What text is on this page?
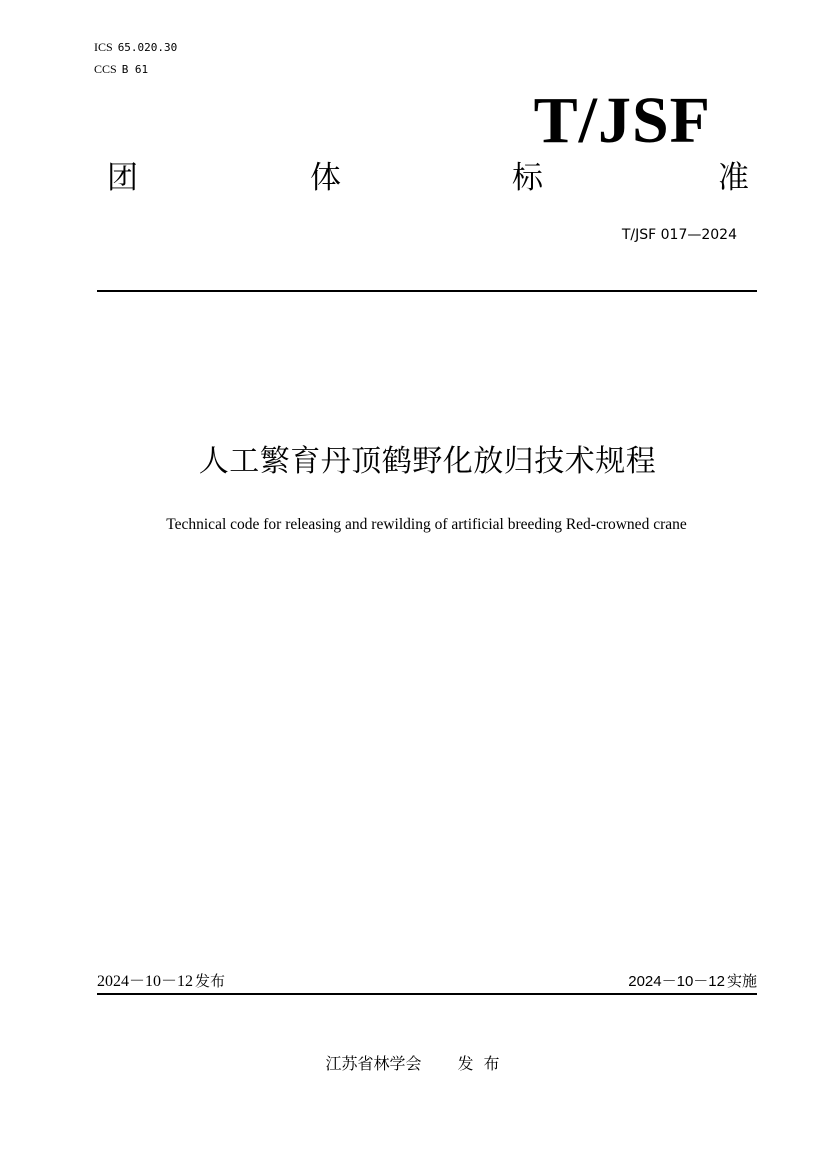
ICS 65.020.30
CCS B 61
T/JSF
团	体	标	准
T/JSF 017—2024
人工繁育丹顶鹤野化放归技术规程
Technical code for releasing and rewilding of artificial breeding Red-crowned crane
2024－10－12 发布	2024－10－12 实施
江苏省林学会 发布
